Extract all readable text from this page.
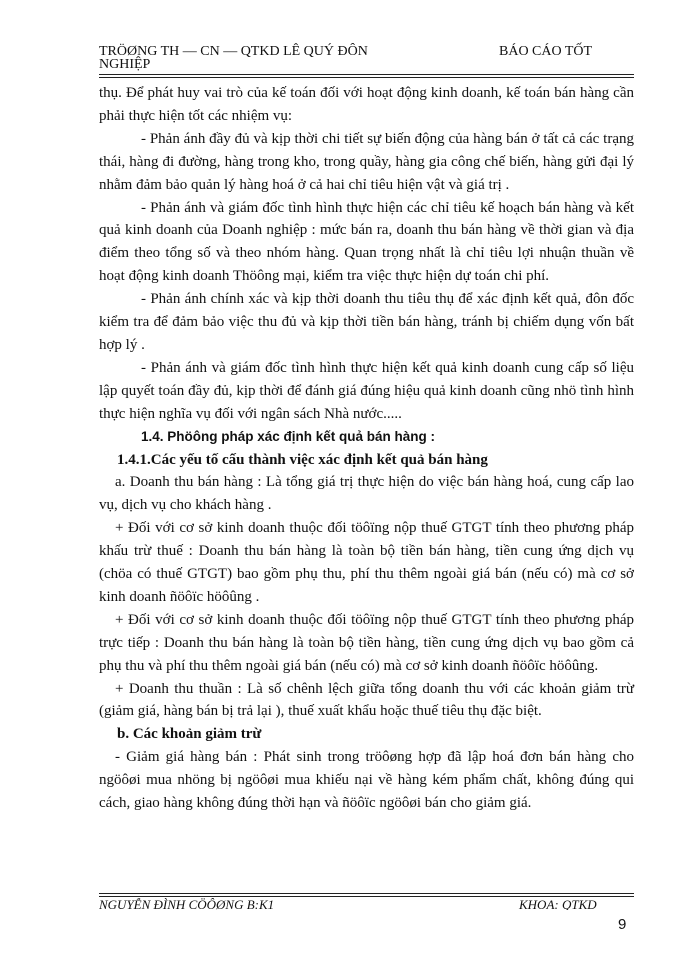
TRÖØNG TH — CN — QTKD LÊ QUÝ ĐÔN
NGHIỆP
BÁO CÁO TỐT

thụ. Để phát huy vai trò của kế toán đối với hoạt động kinh doanh, kế toán bán hàng cần phải thực hiện tốt các nhiệm vụ:

- Phản ánh đầy đủ và kịp thời chi tiết sự biến động của hàng bán ở tất cả các trạng thái, hàng đi đường, hàng trong kho, trong quầy, hàng gia công chế biến, hàng gửi đại lý nhằm đảm bảo quản lý hàng hoá ở cả hai chỉ tiêu hiện vật và giá trị .

- Phản ánh và giám đốc tình hình thực hiện các chỉ tiêu kế hoạch bán hàng và kết quả kinh doanh của Doanh nghiệp : mức bán ra, doanh thu bán hàng về thời gian và địa điểm theo tổng số và theo nhóm hàng. Quan trọng nhất là chỉ tiêu lợi nhuận thuần về hoạt động kinh doanh Thöông mại, kiểm tra việc thực hiện dự toán chi phí.

- Phản ánh chính xác và kịp thời doanh thu tiêu thụ để xác định kết quả, đôn đốc kiểm tra để đảm bảo việc thu đủ và kịp thời tiền bán hàng, tránh bị chiếm dụng vốn bất hợp lý .

- Phản ánh và giám đốc tình hình thực hiện kết quả kinh doanh cung cấp số liệu lập quyết toán đầy đủ, kịp thời để đánh giá đúng hiệu quả kinh doanh cũng nhö tình hình thực hiện nghĩa vụ đối với ngân sách Nhà nước.....

1.4. Phöông pháp xác định kết quả bán hàng :

1.4.1.Các yếu tố cấu thành việc xác định kết quả bán hàng

a. Doanh thu bán hàng : Là tổng giá trị thực hiện do việc bán hàng hoá, cung cấp lao vụ, dịch vụ cho khách hàng .

+ Đối với cơ sở kinh doanh thuộc đối töôïng nộp thuế GTGT tính theo phương pháp khấu trừ thuế : Doanh thu bán hàng là toàn bộ tiền bán hàng, tiền cung ứng dịch vụ (chöa có thuế GTGT) bao gồm phụ thu, phí thu thêm ngoài giá bán (nếu có) mà cơ sở kinh doanh ñöôïc höôûng .

+ Đối với cơ sở kinh doanh thuộc đối töôïng nộp thuế GTGT tính theo phương pháp trực tiếp : Doanh thu bán hàng là toàn bộ tiền hàng, tiền cung ứng dịch vụ bao gồm cả phụ thu và phí thu thêm ngoài giá bán (nếu có) mà cơ sở kinh doanh ñöôïc höôûng.

+ Doanh thu thuần : Là số chênh lệch giữa tổng doanh thu với các khoản giảm trừ (giảm giá, hàng bán bị trả lại ), thuế xuất khẩu hoặc thuế tiêu thụ đặc biệt.

b. Các khoản giảm trừ

- Giảm giá hàng bán : Phát sinh trong tröôøng hợp đã lập hoá đơn bán hàng cho ngöôøi mua nhöng bị ngöôøi mua khiếu nại về hàng kém phẩm chất, không đúng qui cách, giao hàng không đúng thời hạn và ñöôïc ngöôøi bán cho giảm giá.

NGUYỄN ĐÌNH CÖÔØNG B:K1	KHOA: QTKD
9
